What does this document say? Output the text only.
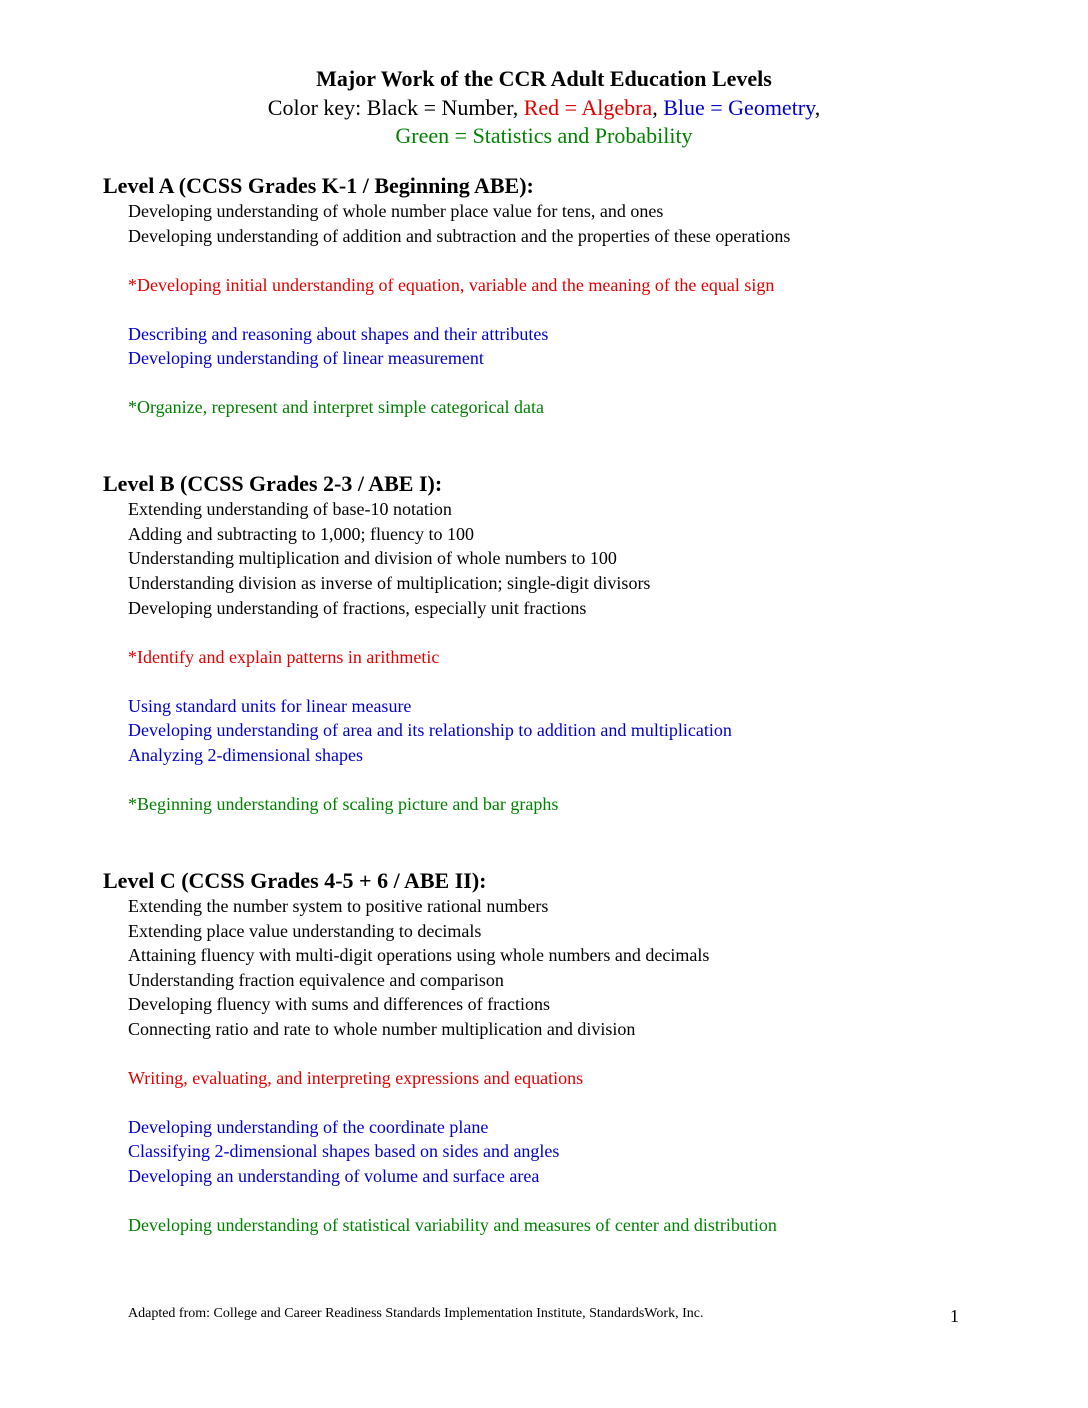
Major Work of the CCR Adult Education Levels
Color key: Black = Number, Red = Algebra, Blue = Geometry,
Green = Statistics and Probability
Level A (CCSS Grades K-1 / Beginning ABE):
Developing understanding of whole number place value for tens, and ones
Developing understanding of addition and subtraction and the properties of these operations
*Developing initial understanding of equation, variable and the meaning of the equal sign
Describing and reasoning about shapes and their attributes
Developing understanding of linear measurement
*Organize, represent and interpret simple categorical data
Level B (CCSS Grades 2-3 / ABE I):
Extending understanding of base-10 notation
Adding and subtracting to 1,000; fluency to 100
Understanding multiplication and division of whole numbers to 100
Understanding division as inverse of multiplication; single-digit divisors
Developing understanding of fractions, especially unit fractions
*Identify and explain patterns in arithmetic
Using standard units for linear measure
Developing understanding of area and its relationship to addition and multiplication
Analyzing 2-dimensional shapes
*Beginning understanding of scaling picture and bar graphs
Level C (CCSS Grades 4-5 + 6 / ABE II):
Extending the number system to positive rational numbers
Extending place value understanding to decimals
Attaining fluency with multi-digit operations using whole numbers and decimals
Understanding fraction equivalence and comparison
Developing fluency with sums and differences of fractions
Connecting ratio and rate to whole number multiplication and division
Writing, evaluating, and interpreting expressions and equations
Developing understanding of the coordinate plane
Classifying 2-dimensional shapes based on sides and angles
Developing an understanding of volume and surface area
Developing understanding of statistical variability and measures of center and distribution
Adapted from: College and Career Readiness Standards Implementation Institute, StandardsWork, Inc.	1
